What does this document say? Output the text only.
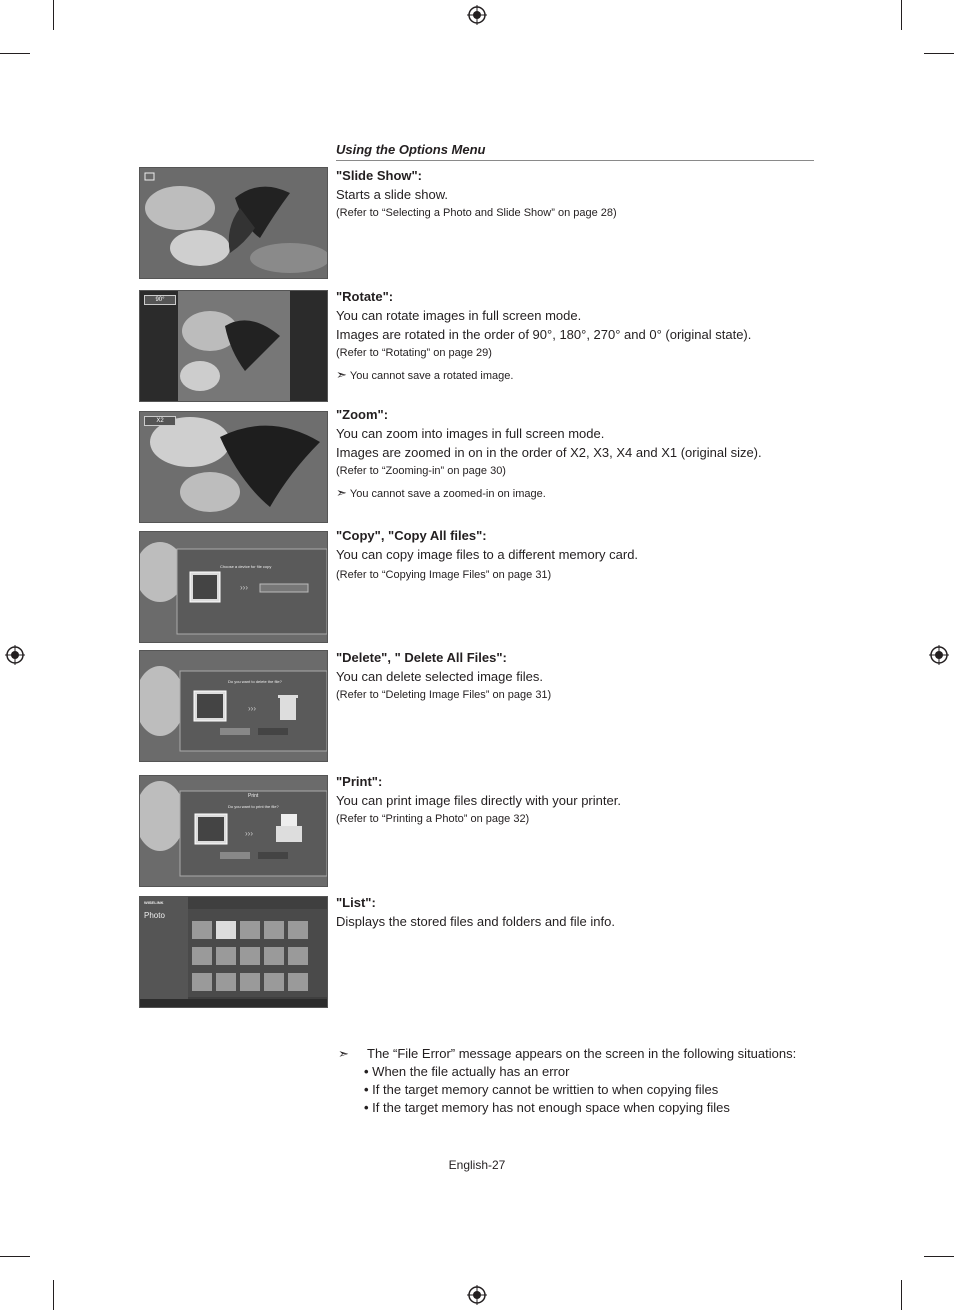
Using the Options Menu
90°
X2
›››
Choose a device for file copy
›››
Do you want to delete the file?
›››
Print
Do you want to print the file?
WISELINK
Photo
"Slide Show":
Starts a slide show.
(Refer to “Selecting a Photo and Slide Show” on page 28)
"Rotate":
You can rotate images in full screen mode.
Images are rotated in the order of 90°, 180°, 270° and 0° (original state).
(Refer to “Rotating” on page 29)
➣ You cannot save a rotated image.
"Zoom":
You can zoom into images in full screen mode.
Images are zoomed in on in the order of X2, X3, X4 and X1 (original size).
(Refer to “Zooming-in” on page 30)
➣ You cannot save a zoomed-in on image.
"Copy", "Copy All files":
You can copy image files to a different memory card.
(Refer to “Copying Image Files” on page 31)
"Delete", " Delete All Files":
You can delete selected image files.
(Refer to “Deleting Image Files” on page 31)
"Print":
You can print image files directly with your printer.
(Refer to “Printing a Photo” on page 32)
"List":
Displays the stored files and folders and file info.
➣	The “File Error” message appears on the screen in the following situations:
• When the file actually has an error
• If the target memory cannot be writtien to when copying files
• If the target memory has not enough space when copying files
English-27
